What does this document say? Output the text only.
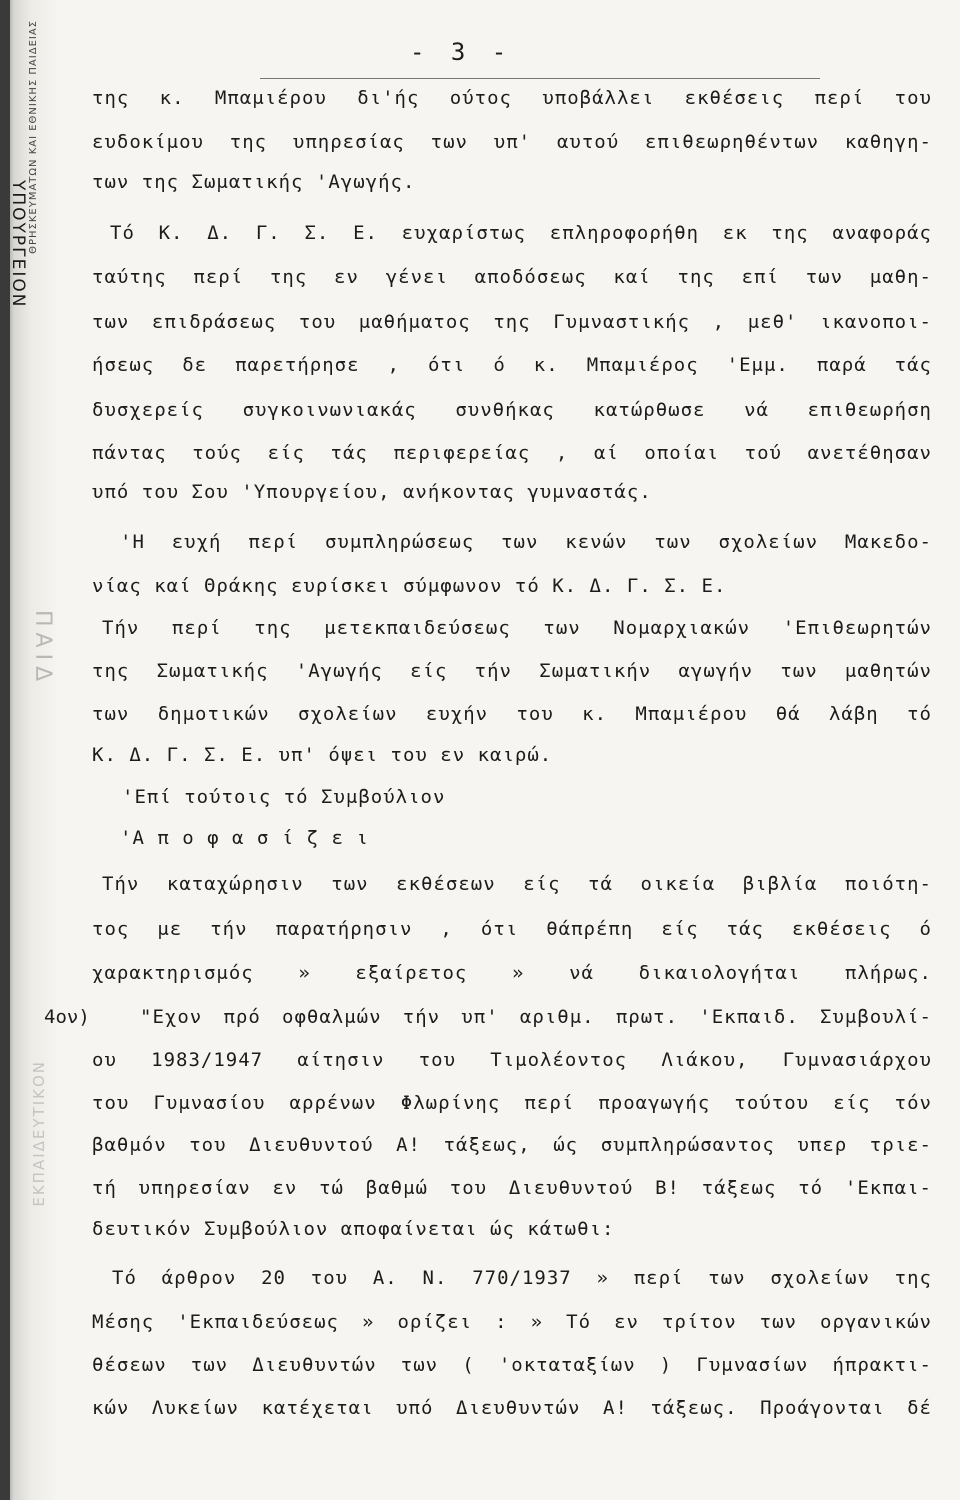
ΥΠΟΥΡΓΕΙΟΝ ΘΡΗΣΚΕΥΜΑΤΩΝ ΚΑΙ ΕΘΝΙΚΗΣ ΠΑΙΔΕΙΑΣ
ΠΑΙΔ
ΕΚΠΑΙΔΕΥΤΙΚΟΝ
- 3 -
4ον)
της κ. Μπαμιέρου δι'ής ούτος υποβάλλει εκθέσεις περί του
ευδοκίμου της υπηρεσίας των υπ' αυτού επιθεωρηθέντων καθηγη-
των της Σωματικής 'Αγωγής.
Τό Κ. Δ. Γ. Σ. Ε. ευχαρίστως επληροφορήθη εκ της αναφοράς
ταύτης περί της εν γένει αποδόσεως καί της επί των μαθη-
των επιδράσεως του μαθήματος της Γυμναστικής , μεθ' ικανοποι-
ήσεως δε παρετήρησε , ότι ό κ. Μπαμιέρος 'Εμμ. παρά τάς
δυσχερείς συγκοινωνιακάς συνθήκας κατώρθωσε νά επιθεωρήση
πάντας τούς είς τάς περιφερείας , αί οποίαι τού ανετέθησαν
υπό του Σου 'Υπουργείου, ανήκοντας γυμναστάς.
'Η ευχή περί συμπληρώσεως των κενών των σχολείων Μακεδο-
νίας καί Θράκης ευρίσκει σύμφωνον τό Κ. Δ. Γ. Σ. Ε.
Τήν περί της μετεκπαιδεύσεως των Νομαρχιακών 'Επιθεωρητών
της Σωματικής 'Αγωγής είς τήν Σωματικήν αγωγήν των μαθητών
των δημοτικών σχολείων ευχήν του κ. Μπαμιέρου θά λάβη τό
Κ. Δ. Γ. Σ. Ε. υπ' όψει του εν καιρώ.
'Επί τούτοις τό Συμβούλιον
'Α π ο φ α σ ί ζ ε ι
Τήν καταχώρησιν των εκθέσεων είς τά οικεία βιβλία ποιότη-
τος με τήν παρατήρησιν , ότι θάπρέπη είς τάς εκθέσεις ό
χαρακτηρισμός » εξαίρετος » νά δικαιολογήται πλήρως.
"Εχον πρό οφθαλμών τήν υπ' αριθμ. πρωτ. 'Εκπαιδ. Συμβουλί-
ου 1983/1947 αίτησιν του Τιμολέοντος Λιάκου, Γυμνασιάρχου
του Γυμνασίου αρρένων Φλωρίνης περί προαγωγής τούτου είς τόν
βαθμόν του Διευθυντού Α! τάξεως, ώς συμπληρώσαντος υπερ τριε-
τή υπηρεσίαν εν τώ βαθμώ του Διευθυντού Β! τάξεως τό 'Εκπαι-
δευτικόν Συμβούλιον αποφαίνεται ώς κάτωθι:
Τό άρθρον 20 του Α. Ν. 770/1937 » περί των σχολείων της
Μέσης 'Εκπαιδεύσεως » ορίζει : » Τό εν τρίτον των οργανικών
θέσεων των Διευθυντών των ( 'οκταταξίων ) Γυμνασίων ήπρακτι-
κών Λυκείων κατέχεται υπό Διευθυντών Α! τάξεως. Προάγονται δέ
